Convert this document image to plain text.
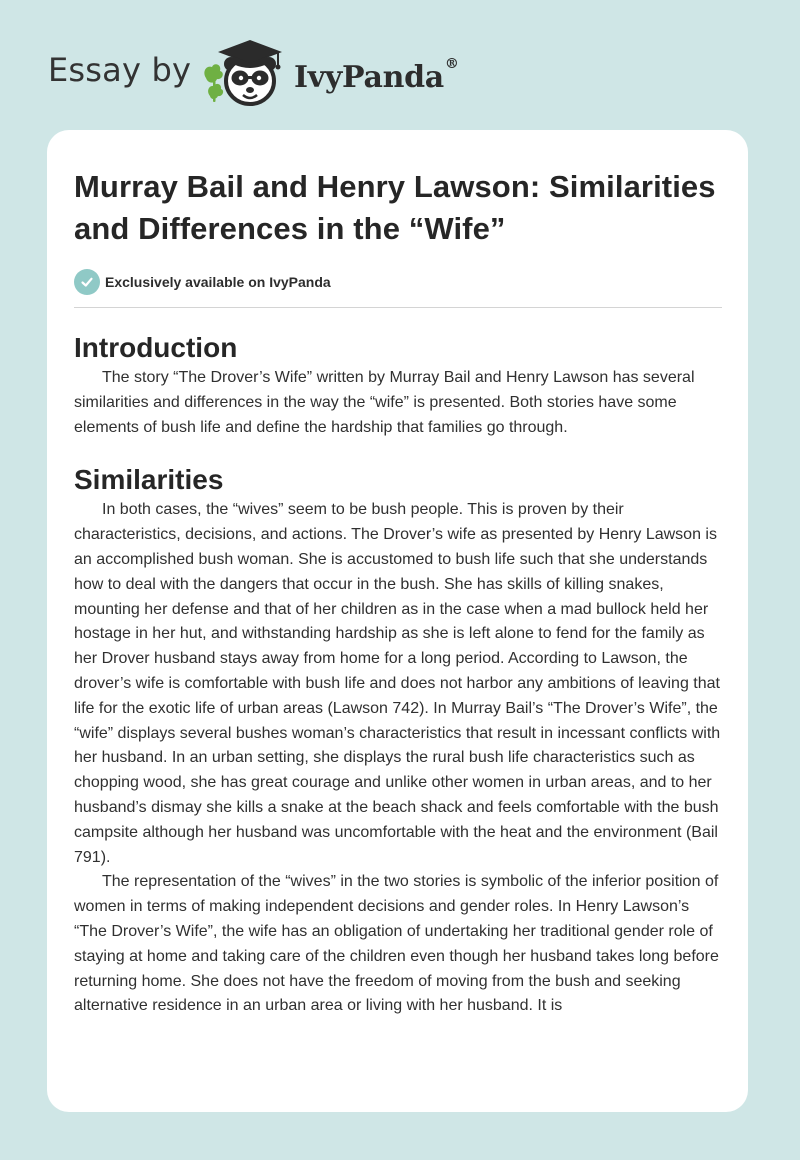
Essay by	IvyPanda®
Murray Bail and Henry Lawson: Similarities and Differences in the “Wife”
Exclusively available on IvyPanda
Introduction

The story “The Drover’s Wife” written by Murray Bail and Henry Lawson has several similarities and differences in the way the “wife” is presented. Both stories have some elements of bush life and define the hardship that families go through.

Similarities

In both cases, the “wives” seem to be bush people. This is proven by their characteristics, decisions, and actions. The Drover’s wife as presented by Henry Lawson is an accomplished bush woman. She is accustomed to bush life such that she understands how to deal with the dangers that occur in the bush. She has skills of killing snakes, mounting her defense and that of her children as in the case when a mad bullock held her hostage in her hut, and withstanding hardship as she is left alone to fend for the family as her Drover husband stays away from home for a long period. According to Lawson, the drover’s wife is comfortable with bush life and does not harbor any ambitions of leaving that life for the exotic life of urban areas (Lawson 742). In Murray Bail’s “The Drover’s Wife”, the “wife” displays several bushes woman’s characteristics that result in incessant conflicts with her husband. In an urban setting, she displays the rural bush life characteristics such as chopping wood, she has great courage and unlike other women in urban areas, and to her husband’s dismay she kills a snake at the beach shack and feels comfortable with the bush campsite although her husband was uncomfortable with the heat and the environment (Bail 791).

The representation of the “wives” in the two stories is symbolic of the inferior position of women in terms of making independent decisions and gender roles. In Henry Lawson’s “The Drover’s Wife”, the wife has an obligation of undertaking her traditional gender role of staying at home and taking care of the children even though her husband takes long before returning home. She does not have the freedom of moving from the bush and seeking alternative residence in an urban area or living with her husband. It is
